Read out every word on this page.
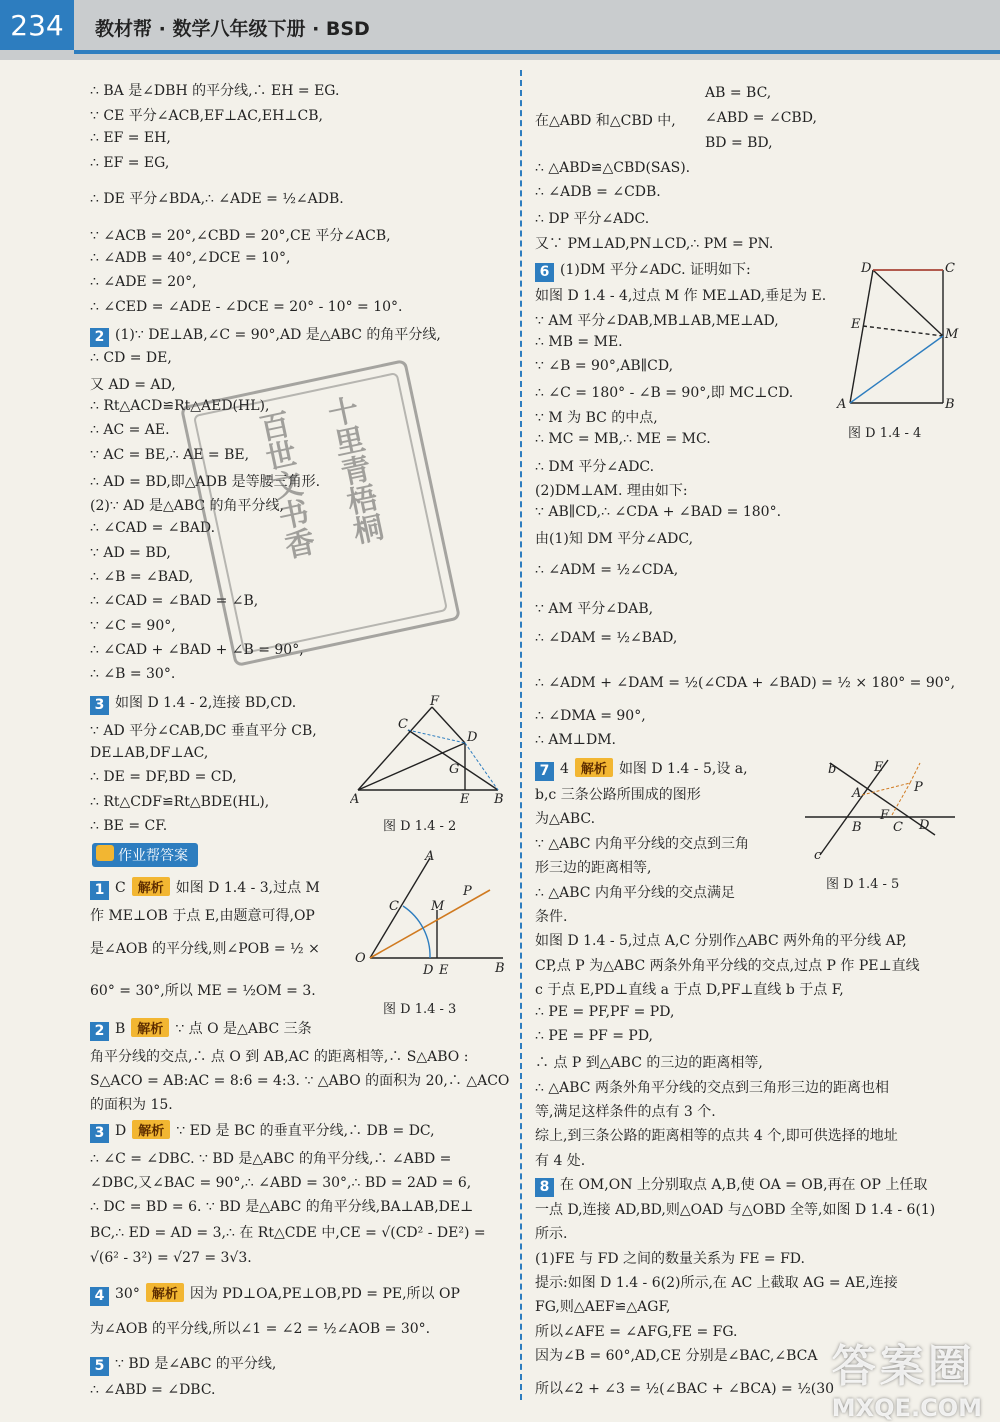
234	教材帮 · 数学八年级下册 · BSD
∴ BA 是∠DBH 的平分线,∴ EH = EG.
∵ CE 平分∠ACB,EF⊥AC,EH⊥CB,
∴ EF = EH,
∴ EF = EG,
∴ DE 平分∠BDA,∴ ∠ADE = ½∠ADB.
∵ ∠ACB = 20°,∠CBD = 20°,CE 平分∠ACB,
∴ ∠ADB = 40°,∠DCE = 10°,
∴ ∠ADE = 20°,
∴ ∠CED = ∠ADE - ∠DCE = 20° - 10° = 10°.
2 (1)∵ DE⊥AB,∠C = 90°,AD 是△ABC 的角平分线,
∴ CD = DE,
又 AD = AD,
∴ Rt△ACD≌Rt△AED(HL),
∴ AC = AE.
∵ AC = BE,∴ AE = BE,
∴ AD = BD,即△ADB 是等腰三角形.
(2)∵ AD 是△ABC 的角平分线,
∴ ∠CAD = ∠BAD.
∵ AD = BD,
∴ ∠B = ∠BAD,
∴ ∠CAD = ∠BAD = ∠B,
∵ ∠C = 90°,
∴ ∠CAD + ∠BAD + ∠B = 90°,
∴ ∠B = 30°.
3 如图 D 1.4 - 2,连接 BD,CD.
∵ AD 平分∠CAB,DC 垂直平分 CB,
DE⊥AB,DF⊥AC,
∴ DE = DF,BD = CD,
∴ Rt△CDF≌Rt△BDE(HL),
∴ BE = CF.
1 C 解析 如图 D 1.4 - 3,过点 M
作 ME⊥OB 于点 E,由题意可得,OP
是∠AOB 的平分线,则∠POB = ½ ×
60° = 30°,所以 ME = ½OM = 3.
2 B 解析 ∵ 点 O 是△ABC 三条
角平分线的交点,∴ 点 O 到 AB,AC 的距离相等,∴ S△ABO :
S△ACO = AB:AC = 8:6 = 4:3. ∵ △ABO 的面积为 20,∴ △ACO
的面积为 15.
3 D 解析 ∵ ED 是 BC 的垂直平分线,∴ DB = DC,
∴ ∠C = ∠DBC. ∵ BD 是△ABC 的角平分线,∴ ∠ABD =
∠DBC,又∠BAC = 90°,∴ ∠ABD = 30°,∴ BD = 2AD = 6,
∴ DC = BD = 6. ∵ BD 是△ABC 的角平分线,BA⊥AB,DE⊥
BC,∴ ED = AD = 3,∴ 在 Rt△CDE 中,CE = √(CD² - DE²) =
√(6² - 3²) = √27 = 3√3.
4 30° 解析 因为 PD⊥OA,PE⊥OB,PD = PE,所以 OP
为∠AOB 的平分线,所以∠1 = ∠2 = ½∠AOB = 30°.
5 ∵ BD 是∠ABC 的平分线,
∴ ∠ABD = ∠DBC.
AB = BC,
在△ABD 和△CBD 中, ∠ABD = ∠CBD,
BD = BD,
∴ △ABD≌△CBD(SAS).
∴ ∠ADB = ∠CDB.
∴ DP 平分∠ADC.
又∵ PM⊥AD,PN⊥CD,∴ PM = PN.
6 (1)DM 平分∠ADC. 证明如下:
如图 D 1.4 - 4,过点 M 作 ME⊥AD,垂足为 E.
∵ AM 平分∠DAB,MB⊥AB,ME⊥AD,
∴ MB = ME.
∵ ∠B = 90°,AB∥CD,
∴ ∠C = 180° - ∠B = 90°,即 MC⊥CD.
∵ M 为 BC 的中点,
∴ MC = MB,∴ ME = MC.
∴ DM 平分∠ADC.
(2)DM⊥AM. 理由如下:
∵ AB∥CD,∴ ∠CDA + ∠BAD = 180°.
由(1)知 DM 平分∠ADC,
∴ ∠ADM = ½∠CDA,
∵ AM 平分∠DAB,
∴ ∠DAM = ½∠BAD,
∴ ∠ADM + ∠DAM = ½(∠CDA + ∠BAD) = ½ × 180° = 90°,
∴ ∠DMA = 90°,
∴ AM⊥DM.
7 4 解析 如图 D 1.4 - 5,设 a,
b,c 三条公路所围成的图形
为△ABC.
∵ △ABC 内角平分线的交点到三角
形三边的距离相等,
∴ △ABC 内角平分线的交点满足
条件.
如图 D 1.4 - 5,过点 A,C 分别作△ABC 两外角的平分线 AP,
CP,点 P 为△ABC 两条外角平分线的交点,过点 P 作 PE⊥直线
c 于点 E,PD⊥直线 a 于点 D,PF⊥直线 b 于点 F,
∴ PE = PF,PF = PD,
∴ PE = PF = PD,
∴ 点 P 到△ABC 的三边的距离相等,
∴ △ABC 两条外角平分线的交点到三角形三边的距离也相
等,满足这样条件的点有 3 个.
综上,到三条公路的距离相等的点共 4 个,即可供选择的地址
有 4 处.
8 在 OM,ON 上分别取点 A,B,使 OA = OB,再在 OP 上任取
一点 D,连接 AD,BD,则△OAD 与△OBD 全等,如图 D 1.4 - 6(1)
所示.
(1)FE 与 FD 之间的数量关系为 FE = FD.
提示:如图 D 1.4 - 6(2)所示,在 AC 上截取 AG = AE,连接
FG,则△AEF≌△AGF,
所以∠AFE = ∠AFG,FE = FG.
因为∠B = 60°,AD,CE 分别是∠BAC,∠BCA
所以∠2 + ∠3 = ½(∠BAC + ∠BCA) = ½(30
作业帮答案
A	B
C
F
D
G
E
图 D 1.4 - 2
O
A
B
C M
P
D E
图 D 1.4 - 3
D	C
A	B
E
M
图 D 1.4 - 4
b	E
A	P
B
F
C D
c
图 D 1.4 - 5
十里青梧桐
百世文书香
答案圈
MXQE.COM
